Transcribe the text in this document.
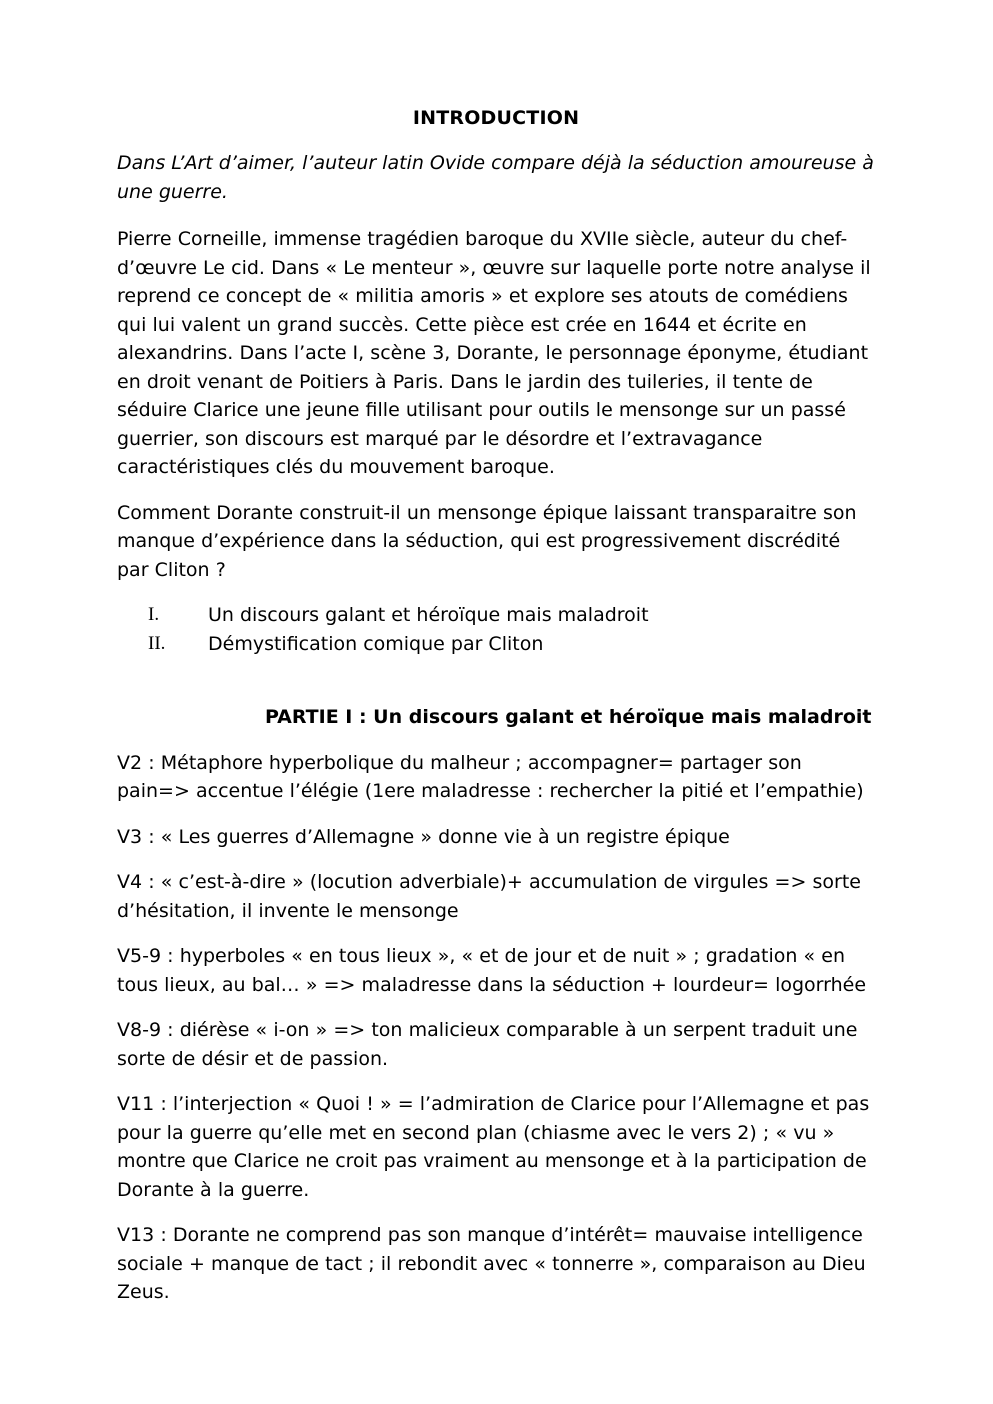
INTRODUCTION

Dans L’Art d’aimer, l’auteur latin Ovide compare déjà la séduction amoureuse à une guerre.

Pierre Corneille, immense tragédien baroque du XVIIe siècle, auteur du chef-d’œuvre Le cid. Dans « Le menteur », œuvre sur laquelle porte notre analyse il reprend ce concept de « militia amoris » et explore ses atouts de comédiens qui lui valent un grand succès. Cette pièce est crée en 1644 et écrite en alexandrins. Dans l’acte I, scène 3, Dorante, le personnage éponyme, étudiant en droit venant de Poitiers à Paris. Dans le jardin des tuileries, il tente de séduire Clarice une jeune fille utilisant pour outils le mensonge sur un passé guerrier, son discours est marqué par le désordre et l’extravagance caractéristiques clés du mouvement baroque.

Comment Dorante construit-il un mensonge épique laissant transparaitre son manque d’expérience dans la séduction, qui est progressivement discrédité par Cliton ?

I.	Un discours galant et héroïque mais maladroit
II. Démystification comique par Cliton
PARTIE I : Un discours galant et héroïque mais maladroit

V2 : Métaphore hyperbolique du malheur ; accompagner= partager son pain=> accentue l’élégie (1ere maladresse : rechercher la pitié et l’empathie)

V3 : « Les guerres d’Allemagne » donne vie à un registre épique

V4 : « c’est-à-dire » (locution adverbiale)+ accumulation de virgules => sorte d’hésitation, il invente le mensonge

V5-9 : hyperboles « en tous lieux », « et de jour et de nuit » ; gradation « en tous lieux, au bal… » => maladresse dans la séduction + lourdeur= logorrhée

V8-9 : diérèse « i-on » => ton malicieux comparable à un serpent traduit une sorte de désir et de passion.

V11 : l’interjection « Quoi ! » = l’admiration de Clarice pour l’Allemagne et pas pour la guerre qu’elle met en second plan (chiasme avec le vers 2) ; « vu » montre que Clarice ne croit pas vraiment au mensonge et à la participation de Dorante à la guerre.

V13 : Dorante ne comprend pas son manque d’intérêt= mauvaise intelligence sociale + manque de tact ; il rebondit avec « tonnerre », comparaison au Dieu Zeus.
